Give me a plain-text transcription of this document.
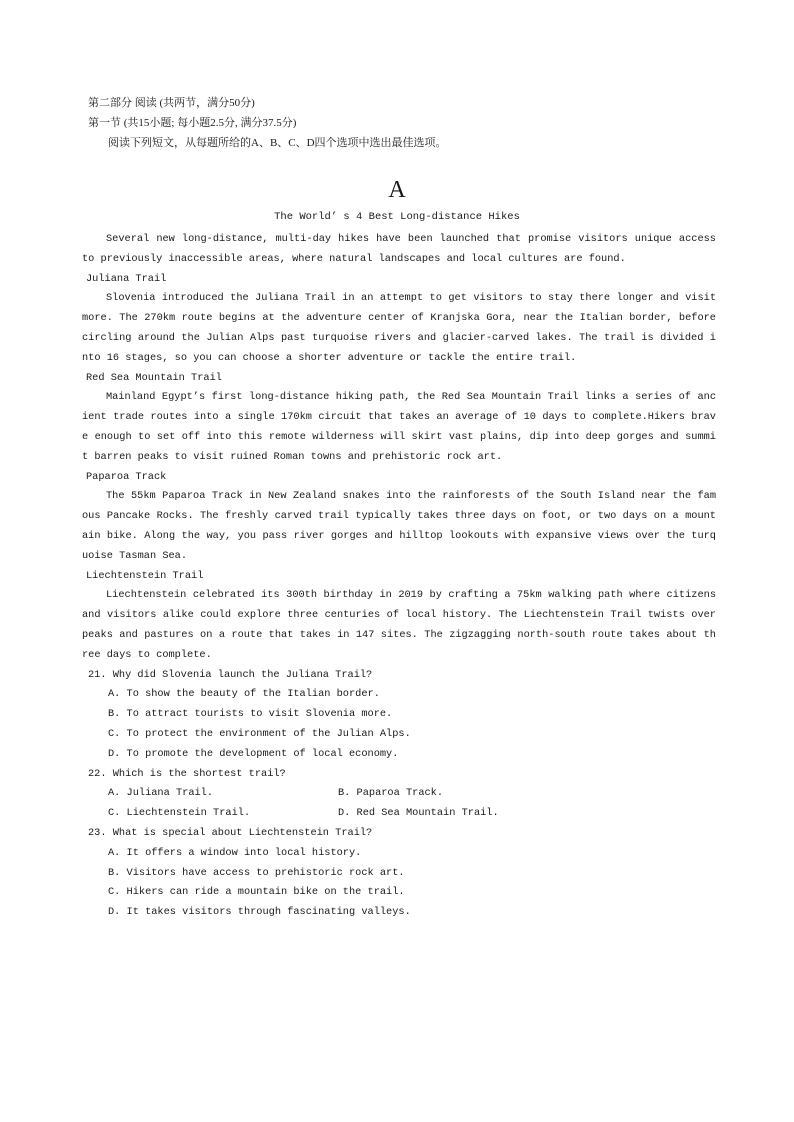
第二部分 阅读 (共两节，满分50分)
第一节 (共15小题; 每小题2.5分, 满分37.5分)
阅读下列短文，从每题所给的A、B、C、D四个选项中选出最佳选项。
A
The World’ s 4 Best Long-distance Hikes

Several new long-distance, multi-day hikes have been launched that promise visitors unique access to previously inaccessible areas, where natural landscapes and local cultures are found.

Juliana Trail

Slovenia introduced the Juliana Trail in an attempt to get visitors to stay there longer and visit more. The 270km route begins at the adventure center of Kranjska Gora, near the Italian border, before circling around the Julian Alps past turquoise rivers and glacier-carved lakes. The trail is divided into 16 stages, so you can choose a shorter adventure or tackle the entire trail.

Red Sea Mountain Trail

Mainland Egypt’s first long-distance hiking path, the Red Sea Mountain Trail links a series of ancient trade routes into a single 170km circuit that takes an average of 10 days to complete.Hikers brave enough to set off into this remote wilderness will skirt vast plains, dip into deep gorges and summit barren peaks to visit ruined Roman towns and prehistoric rock art.

Paparoa Track

The 55km Paparoa Track in New Zealand snakes into the rainforests of the South Island near the famous Pancake Rocks. The freshly carved trail typically takes three days on foot, or two days on a mountain bike. Along the way, you pass river gorges and hilltop lookouts with expansive views over the turquoise Tasman Sea.

Liechtenstein Trail

Liechtenstein celebrated its 300th birthday in 2019 by crafting a 75km walking path where citizens and visitors alike could explore three centuries of local history. The Liechtenstein Trail twists over peaks and pastures on a route that takes in 147 sites. The zigzagging north-south route takes about three days to complete.

21. Why did Slovenia launch the Juliana Trail?

A. To show the beauty of the Italian border.

B. To attract tourists to visit Slovenia more.

C. To protect the environment of the Julian Alps.

D. To promote the development of local economy.

22. Which is the shortest trail?

A. Juliana Trail.	B. Paparoa Track.
C. Liechtenstein Trail.	D. Red Sea Mountain Trail.

23. What is special about Liechtenstein Trail?

A. It offers a window into local history.

B. Visitors have access to prehistoric rock art.

C. Hikers can ride a mountain bike on the trail.

D. It takes visitors through fascinating valleys.
